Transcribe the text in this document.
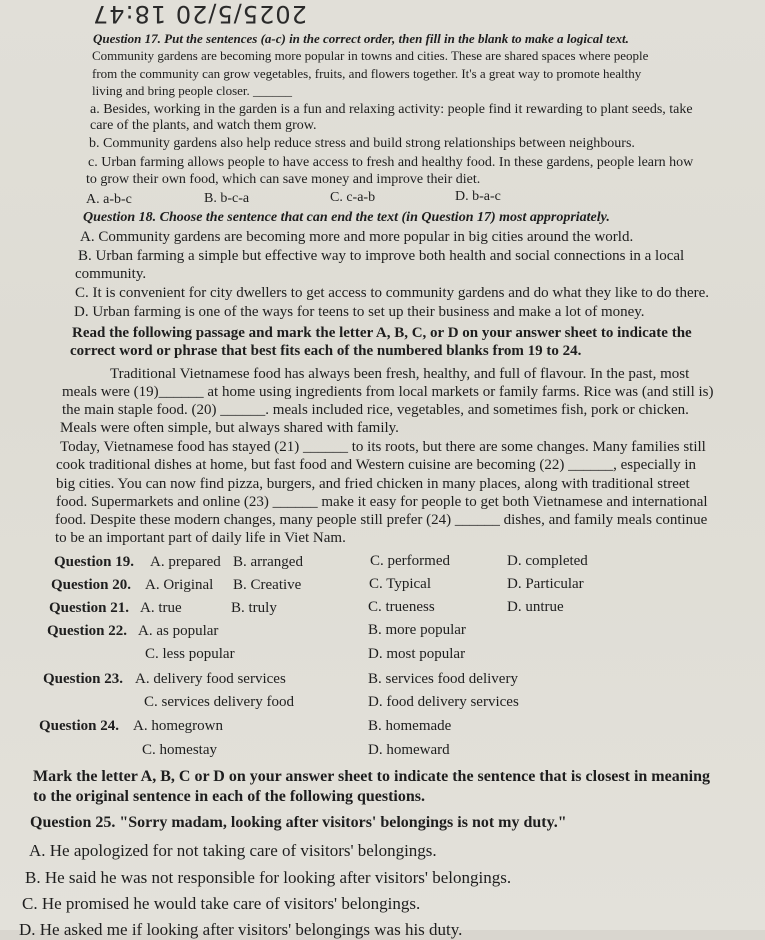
2025/5/20 18:47
Question 17. Put the sentences (a-c) in the correct order, then fill in the blank to make a logical text.
Community gardens are becoming more popular in towns and cities. These are shared spaces where people
from the community can grow vegetables, fruits, and flowers together. It's a great way to promote healthy
living and bring people closer. ______
a. Besides, working in the garden is a fun and relaxing activity: people find it rewarding to plant seeds, take
care of the plants, and watch them grow.
b. Community gardens also help reduce stress and build strong relationships between neighbours.
c. Urban farming allows people to have access to fresh and healthy food. In these gardens, people learn how
to grow their own food, which can save money and improve their diet.
A. a-b-c	B. b-c-a	C. c-a-b	D. b-a-c
Question 18. Choose the sentence that can end the text (in Question 17) most appropriately.
A. Community gardens are becoming more and more popular in big cities around the world.
B. Urban farming a simple but effective way to improve both health and social connections in a local
community.
C. It is convenient for city dwellers to get access to community gardens and do what they like to do there.
D. Urban farming is one of the ways for teens to set up their business and make a lot of money.
Read the following passage and mark the letter A, B, C, or D on your answer sheet to indicate the
correct word or phrase that best fits each of the numbered blanks from 19 to 24.
Traditional Vietnamese food has always been fresh, healthy, and full of flavour. In the past, most
meals were (19)______ at home using ingredients from local markets or family farms. Rice was (and still is)
the main staple food. (20) ______. meals included rice, vegetables, and sometimes fish, pork or chicken.
Meals were often simple, but always shared with family.
Today, Vietnamese food has stayed (21) ______ to its roots, but there are some changes. Many families still
cook traditional dishes at home, but fast food and Western cuisine are becoming (22) ______, especially in
big cities. You can now find pizza, burgers, and fried chicken in many places, along with traditional street
food. Supermarkets and online (23) ______ make it easy for people to get both Vietnamese and international
food. Despite these modern changes, many people still prefer (24) ______ dishes, and family meals continue
to be an important part of daily life in Viet Nam.
Question 19. A. prepared B. arranged	C. performed	D. completed
Question 20. A. Original B. Creative	C. Typical	D. Particular
Question 21. A. true	B. truly	C. trueness	D. untrue
Question 22. A. as popular	B. more popular
C. less popular	D. most popular
Question 23. A. delivery food services	B. services food delivery
C. services delivery food	D. food delivery services
Question 24. A. homegrown	B. homemade
C. homestay	D. homeward
Mark the letter A, B, C or D on your answer sheet to indicate the sentence that is closest in meaning
to the original sentence in each of the following questions.
Question 25. "Sorry madam, looking after visitors' belongings is not my duty."
A. He apologized for not taking care of visitors' belongings.
B. He said he was not responsible for looking after visitors' belongings.
C. He promised he would take care of visitors' belongings.
D. He asked me if looking after visitors' belongings was his duty.
